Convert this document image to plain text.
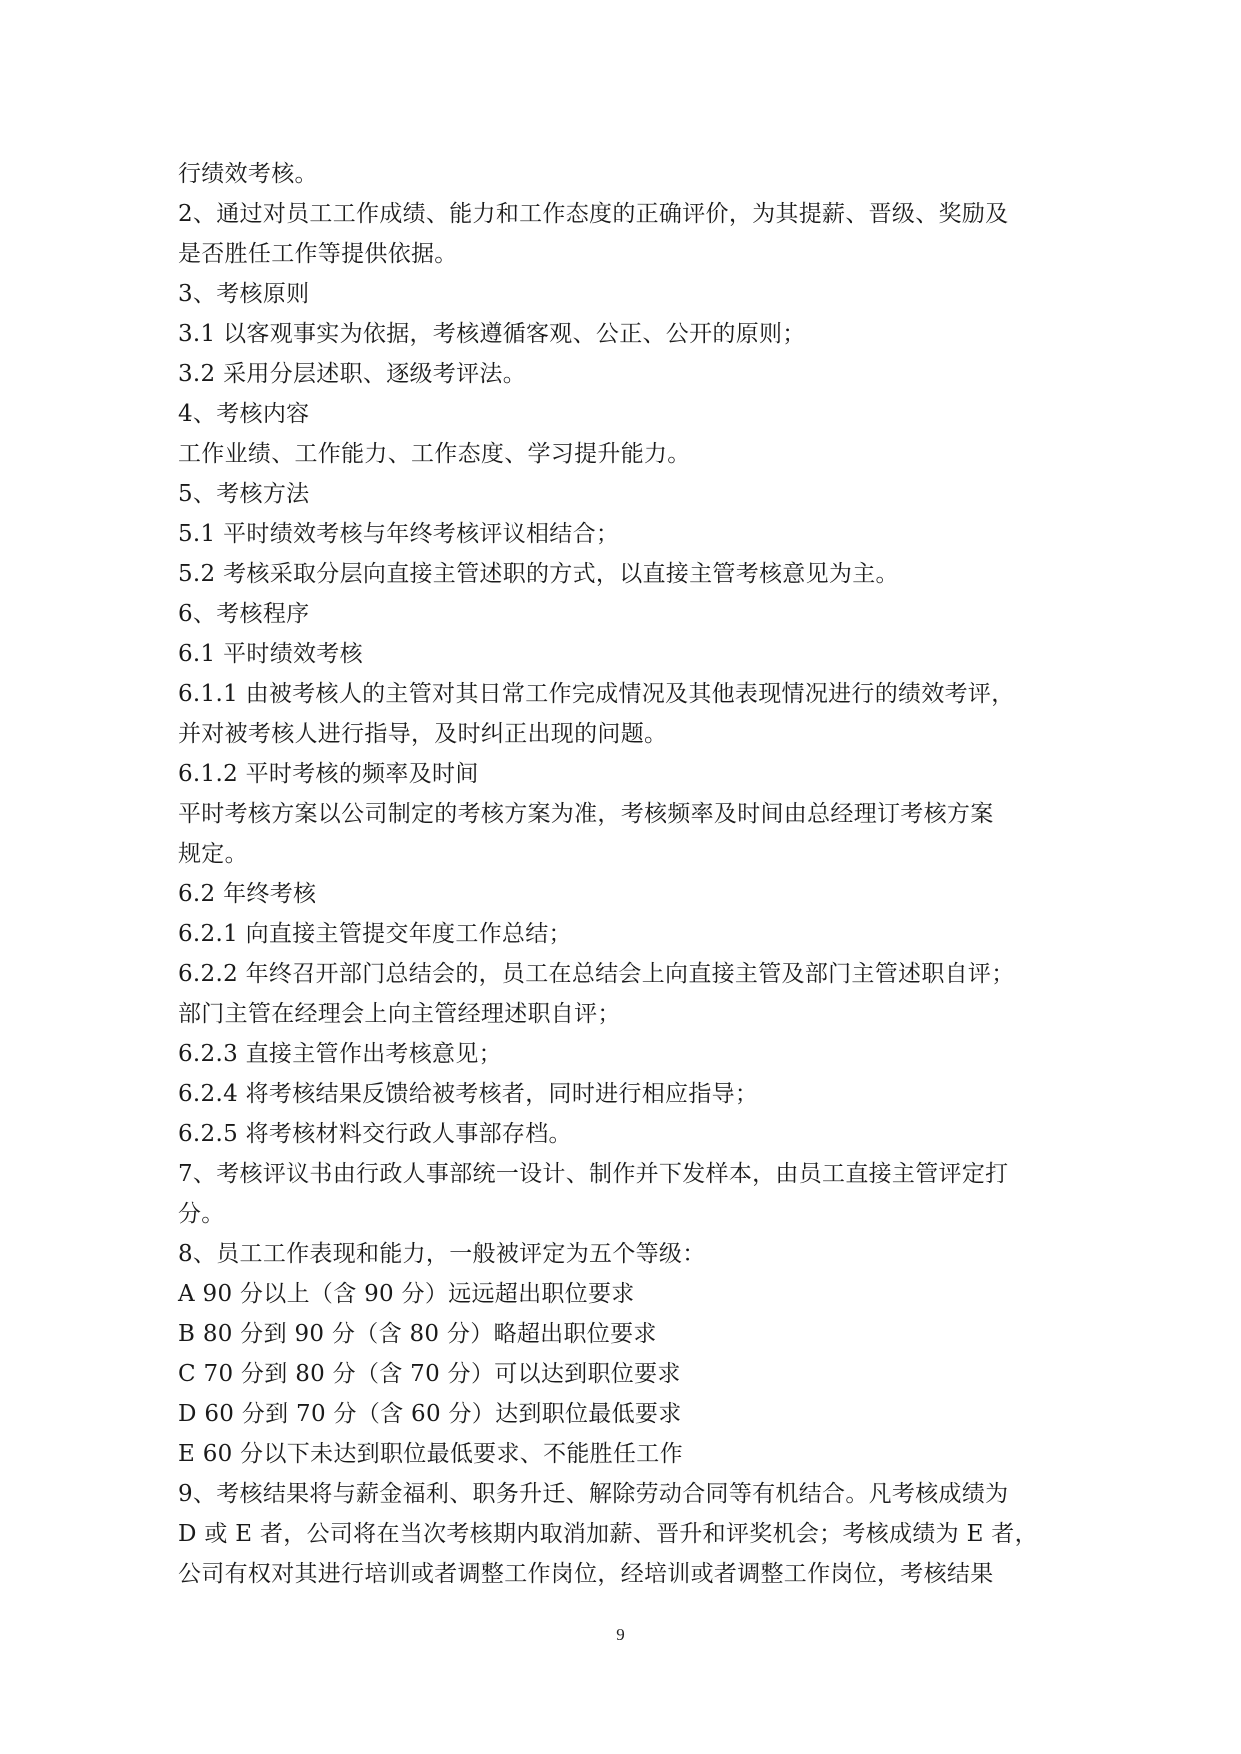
行绩效考核。
2、通过对员工工作成绩、能力和工作态度的正确评价，为其提薪、晋级、奖励及
是否胜任工作等提供依据。
3、考核原则
3.1 以客观事实为依据，考核遵循客观、公正、公开的原则；
3.2 采用分层述职、逐级考评法。
4、考核内容
工作业绩、工作能力、工作态度、学习提升能力。
5、考核方法
5.1 平时绩效考核与年终考核评议相结合；
5.2 考核采取分层向直接主管述职的方式，以直接主管考核意见为主。
6、考核程序
6.1 平时绩效考核
6.1.1 由被考核人的主管对其日常工作完成情况及其他表现情况进行的绩效考评，
并对被考核人进行指导，及时纠正出现的问题。
6.1.2 平时考核的频率及时间
平时考核方案以公司制定的考核方案为准，考核频率及时间由总经理订考核方案
规定。
6.2 年终考核
6.2.1 向直接主管提交年度工作总结；
6.2.2 年终召开部门总结会的，员工在总结会上向直接主管及部门主管述职自评；
部门主管在经理会上向主管经理述职自评；
6.2.3 直接主管作出考核意见；
6.2.4 将考核结果反馈给被考核者，同时进行相应指导；
6.2.5 将考核材料交行政人事部存档。
7、考核评议书由行政人事部统一设计、制作并下发样本，由员工直接主管评定打
分。
8、员工工作表现和能力，一般被评定为五个等级：
A 90 分以上（含 90 分）远远超出职位要求
B 80 分到 90 分（含 80 分）略超出职位要求
C 70 分到 80 分（含 70 分）可以达到职位要求
D 60 分到 70 分（含 60 分）达到职位最低要求
E 60 分以下未达到职位最低要求、不能胜任工作
9、考核结果将与薪金福利、职务升迁、解除劳动合同等有机结合。凡考核成绩为
D 或 E 者，公司将在当次考核期内取消加薪、晋升和评奖机会；考核成绩为 E 者，
公司有权对其进行培训或者调整工作岗位，经培训或者调整工作岗位，考核结果
9
